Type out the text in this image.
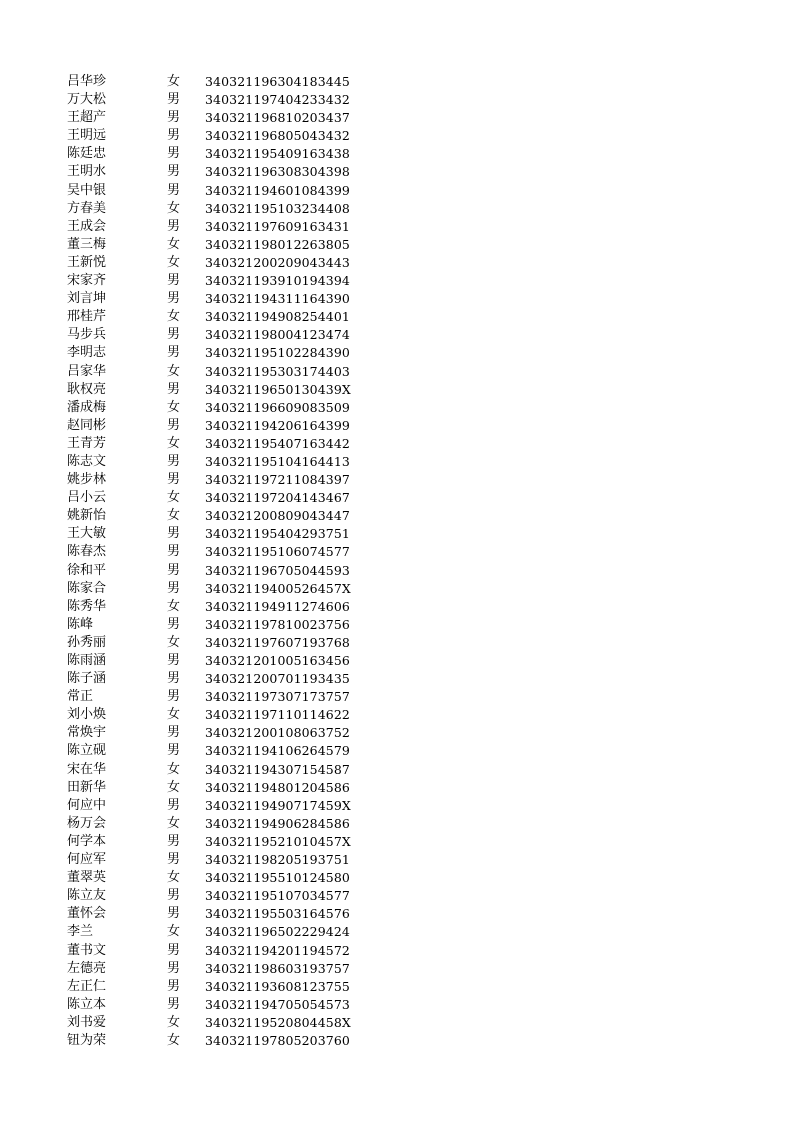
吕华珍	女	340321196304183445
万大松	男	340321197404233432
王超产	男	340321196810203437
王明远	男	340321196805043432
陈廷忠	男	340321195409163438
王明水	男	340321196308304398
吴中银	男	340321194601084399
方春美	女	340321195103234408
王成会	男	340321197609163431
董三梅	女	340321198012263805
王新悦	女	340321200209043443
宋家齐	男	340321193910194394
刘言坤	男	340321194311164390
邢桂芹	女	340321194908254401
马步兵	男	340321198004123474
李明志	男	340321195102284390
吕家华	女	340321195303174403
耿权亮	男	34032119650130439X
潘成梅	女	340321196609083509
赵同彬	男	340321194206164399
王青芳	女	340321195407163442
陈志文	男	340321195104164413
姚步林	男	340321197211084397
吕小云	女	340321197204143467
姚新怡	女	340321200809043447
王大敏	男	340321195404293751
陈春杰	男	340321195106074577
徐和平	男	340321196705044593
陈家合	男	34032119400526457X
陈秀华	女	340321194911274606
陈峰	男	340321197810023756
孙秀丽	女	340321197607193768
陈雨涵	男	340321201005163456
陈子涵	男	340321200701193435
常正	男	340321197307173757
刘小焕	女	340321197110114622
常焕宇	男	340321200108063752
陈立砚	男	340321194106264579
宋在华	女	340321194307154587
田新华	女	340321194801204586
何应中	男	34032119490717459X
杨万会	女	340321194906284586
何学本	男	34032119521010457X
何应军	男	340321198205193751
董翠英	女	340321195510124580
陈立友	男	340321195107034577
董怀会	男	340321195503164576
李兰	女	340321196502229424
董书文	男	340321194201194572
左德亮	男	340321198603193757
左正仁	男	340321193608123755
陈立本	男	340321194705054573
刘书爱	女	34032119520804458X
钮为荣	女	340321197805203760
